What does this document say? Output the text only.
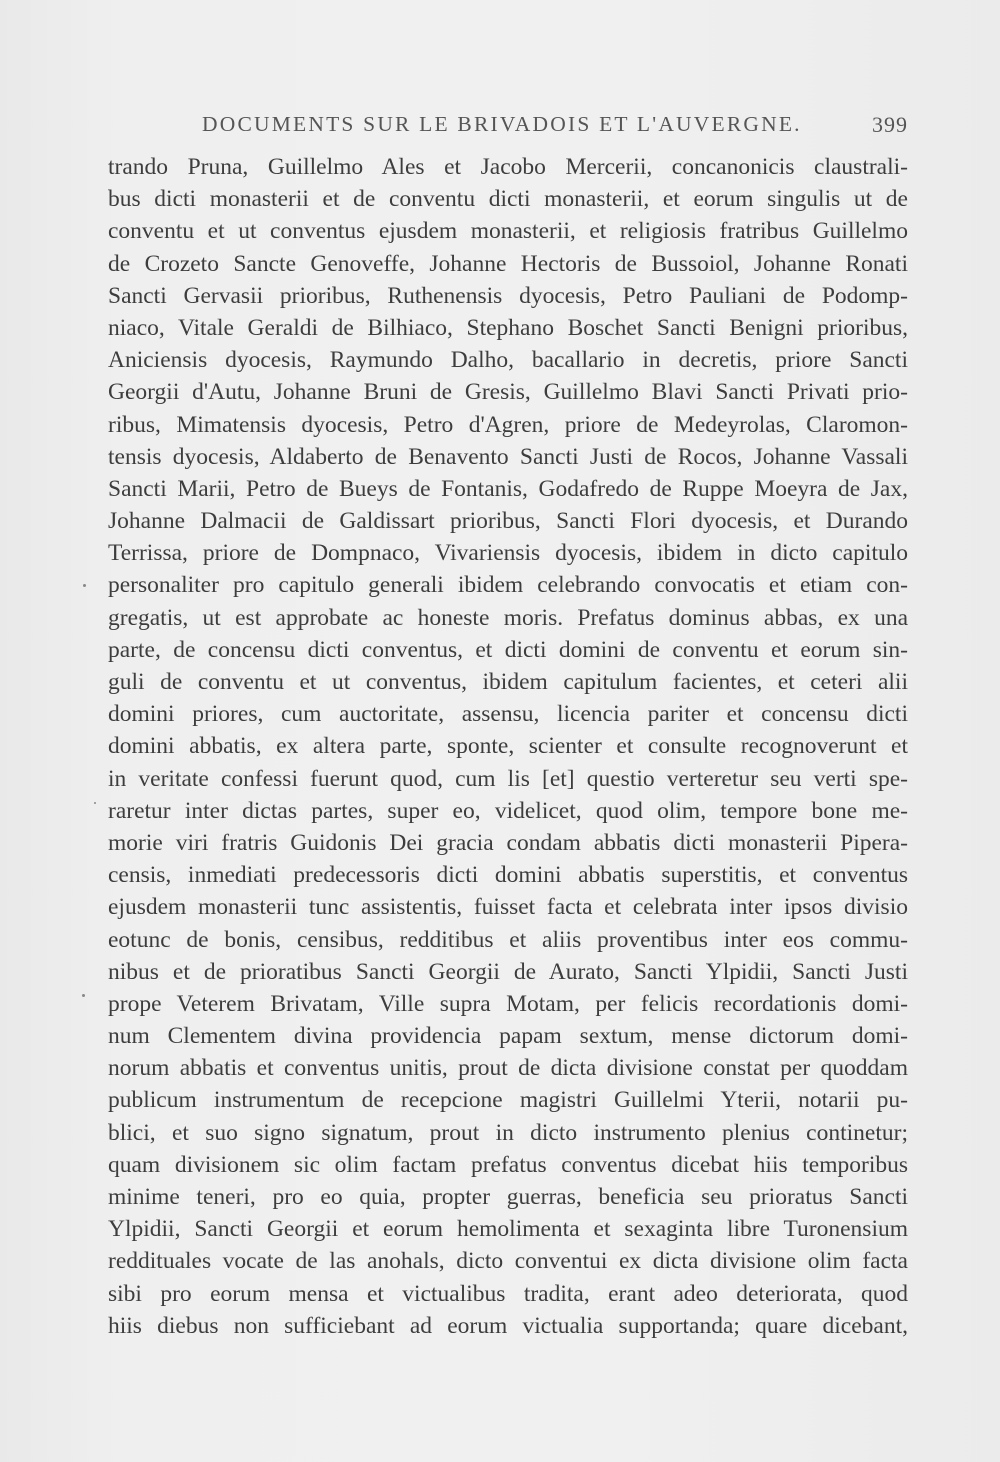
DOCUMENTS SUR LE BRIVADOIS ET L'AUVERGNE.	399
trando Pruna, Guillelmo Ales et Jacobo Mercerii, concanonicis claustrali-
bus dicti monasterii et de conventu dicti monasterii, et eorum singulis ut de
conventu et ut conventus ejusdem monasterii, et religiosis fratribus Guillelmo
de Crozeto Sancte Genoveffe, Johanne Hectoris de Bussoiol, Johanne Ronati
Sancti Gervasii prioribus, Ruthenensis dyocesis, Petro Pauliani de Podomp-
niaco, Vitale Geraldi de Bilhiaco, Stephano Boschet Sancti Benigni prioribus,
Aniciensis dyocesis, Raymundo Dalho, bacallario in decretis, priore Sancti
Georgii d'Autu, Johanne Bruni de Gresis, Guillelmo Blavi Sancti Privati prio-
ribus, Mimatensis dyocesis, Petro d'Agren, priore de Medeyrolas, Claromon-
tensis dyocesis, Aldaberto de Benavento Sancti Justi de Rocos, Johanne Vassali
Sancti Marii, Petro de Bueys de Fontanis, Godafredo de Ruppe Moeyra de Jax,
Johanne Dalmacii de Galdissart prioribus, Sancti Flori dyocesis, et Durando
Terrissa, priore de Dompnaco, Vivariensis dyocesis, ibidem in dicto capitulo
personaliter pro capitulo generali ibidem celebrando convocatis et etiam con-
gregatis, ut est approbate ac honeste moris. Prefatus dominus abbas, ex una
parte, de concensu dicti conventus, et dicti domini de conventu et eorum sin-
guli de conventu et ut conventus, ibidem capitulum facientes, et ceteri alii
domini priores, cum auctoritate, assensu, licencia pariter et concensu dicti
domini abbatis, ex altera parte, sponte, scienter et consulte recognoverunt et
in veritate confessi fuerunt quod, cum lis [et] questio verteretur seu verti spe-
raretur inter dictas partes, super eo, videlicet, quod olim, tempore bone me-
morie viri fratris Guidonis Dei gracia condam abbatis dicti monasterii Pipera-
censis, inmediati predecessoris dicti domini abbatis superstitis, et conventus
ejusdem monasterii tunc assistentis, fuisset facta et celebrata inter ipsos divisio
eotunc de bonis, censibus, redditibus et aliis proventibus inter eos commu-
nibus et de prioratibus Sancti Georgii de Aurato, Sancti Ylpidii, Sancti Justi
prope Veterem Brivatam, Ville supra Motam, per felicis recordationis domi-
num Clementem divina providencia papam sextum, mense dictorum domi-
norum abbatis et conventus unitis, prout de dicta divisione constat per quoddam
publicum instrumentum de recepcione magistri Guillelmi Yterii, notarii pu-
blici, et suo signo signatum, prout in dicto instrumento plenius continetur;
quam divisionem sic olim factam prefatus conventus dicebat hiis temporibus
minime teneri, pro eo quia, propter guerras, beneficia seu prioratus Sancti
Ylpidii, Sancti Georgii et eorum hemolimenta et sexaginta libre Turonensium
reddituales vocate de las anohals, dicto conventui ex dicta divisione olim facta
sibi pro eorum mensa et victualibus tradita, erant adeo deteriorata, quod
hiis diebus non sufficiebant ad eorum victualia supportanda; quare dicebant,
